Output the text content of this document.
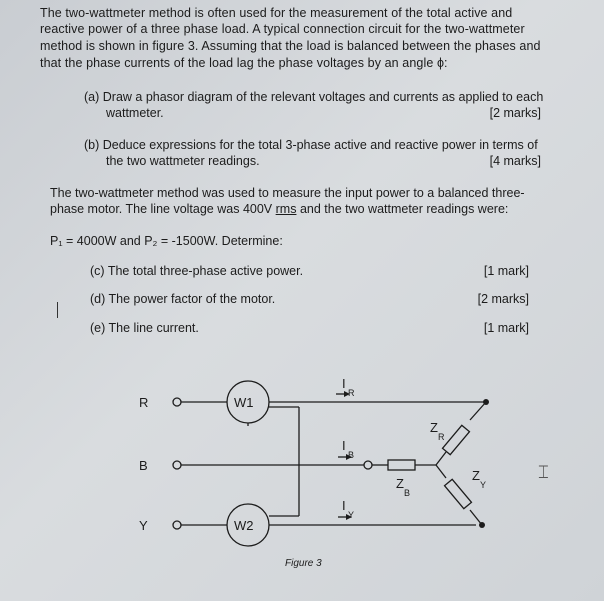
The two-wattmeter method is often used for the measurement of the total active and
reactive power of a three phase load. A typical connection circuit for the two-wattmeter
method is shown in figure 3. Assuming that the load is balanced between the phases and
that the phase currents of the load lag the phase voltages by an angle ϕ:
(a) Draw a phasor diagram of the relevant voltages and currents as applied to each
wattmeter.	[2 marks]
(b) Deduce expressions for the total 3-phase active and reactive power in terms of
the two wattmeter readings.	[4 marks]
The two-wattmeter method was used to measure the input power to a balanced three-
phase motor. The line voltage was 400V rms and the two wattmeter readings were:
P₁ = 4000W and P₂ = -1500W. Determine:
(c) The total three-phase active power.	[1 mark]
(d) The power factor of the motor.	[2 marks]
(e) The line current.	[1 mark]
R
B
Y
W1
W2
I
R
I
B
I
Y
Z
R
Z
B
Z
Y
Figure 3
⌶
